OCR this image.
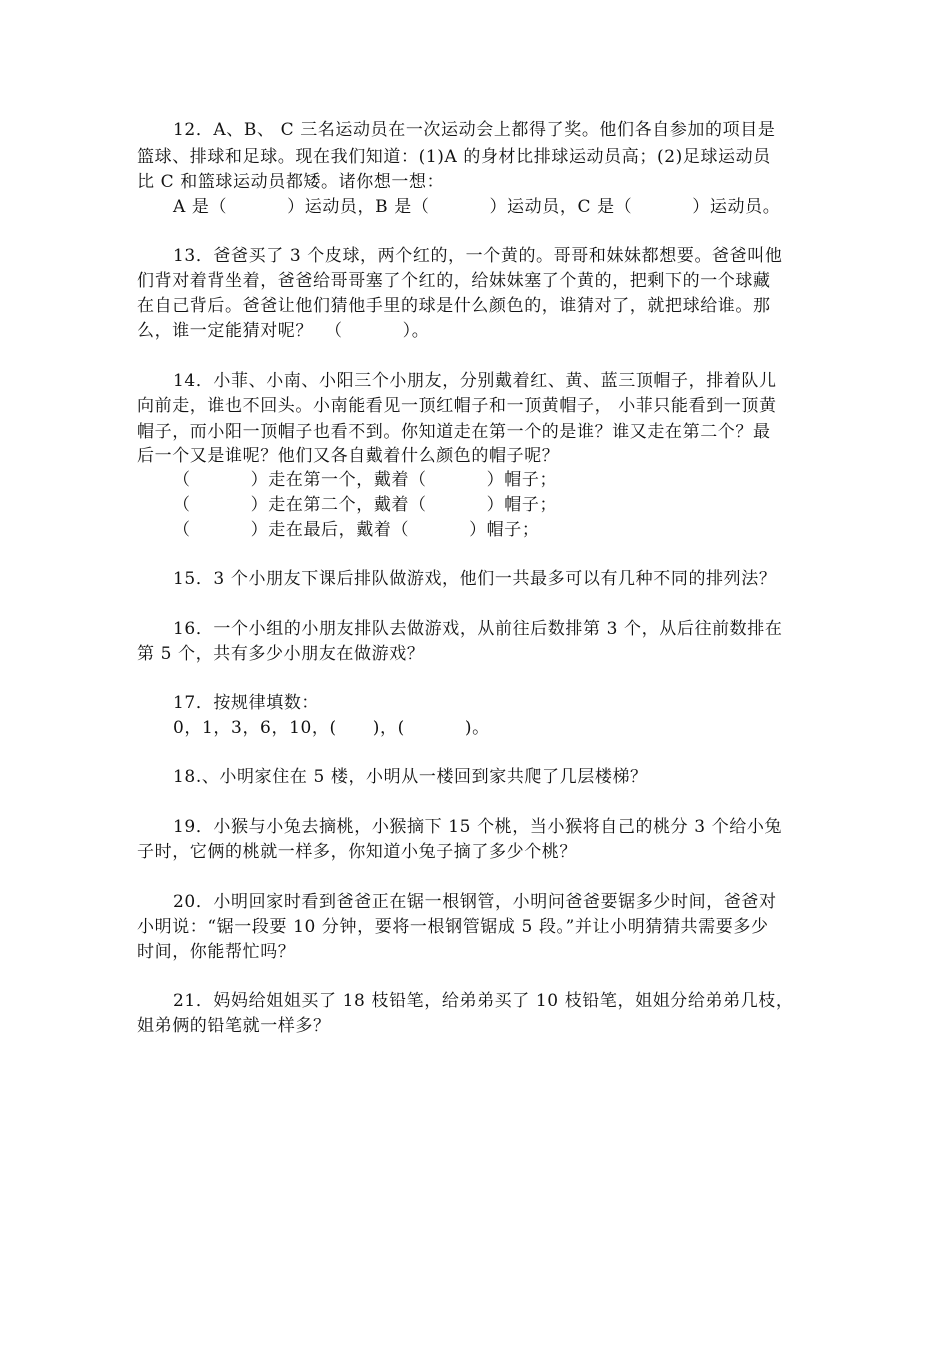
12．A、B、 C 三名运动员在一次运动会上都得了奖。他们各自参加的项目是
篮球、排球和足球。现在我们知道：(1)A 的身材比排球运动员高；(2)足球运动员
比 C 和篮球运动员都矮。诸你想一想：
A 是（          ）运动员，B 是（          ）运动员，C 是（          ）运动员。
13．爸爸买了 3 个皮球，两个红的，一个黄的。哥哥和妹妹都想要。爸爸叫他
们背对着背坐着，爸爸给哥哥塞了个红的，给妹妹塞了个黄的，把剩下的一个球藏
在自己背后。爸爸让他们猜他手里的球是什么颜色的，谁猜对了，就把球给谁。那
么，谁一定能猜对呢？  （          ）。
14．小菲、小南、小阳三个小朋友，分别戴着红、黄、蓝三顶帽子，排着队儿
向前走，谁也不回头。小南能看见一顶红帽子和一顶黄帽子， 小菲只能看到一顶黄
帽子，而小阳一顶帽子也看不到。你知道走在第一个的是谁？谁又走在第二个？最
后一个又是谁呢？他们又各自戴着什么颜色的帽子呢？
（          ）走在第一个，戴着（          ）帽子；
（          ）走在第二个，戴着（          ）帽子；
（          ）走在最后，戴着（          ）帽子；
15．3 个小朋友下课后排队做游戏，他们一共最多可以有几种不同的排列法？
16．一个小组的小朋友排队去做游戏，从前往后数排第 3 个，从后往前数排在
第 5 个，共有多少小朋友在做游戏？
17．按规律填数：
0，1，3，6，10，(      )，(          )。
18.、小明家住在 5 楼，小明从一楼回到家共爬了几层楼梯？
19．小猴与小兔去摘桃，小猴摘下 15 个桃，当小猴将自己的桃分 3 个给小兔
子时，它俩的桃就一样多，你知道小兔子摘了多少个桃？
20．小明回家时看到爸爸正在锯一根钢管，小明问爸爸要锯多少时间，爸爸对
小明说：“锯一段要 10 分钟，要将一根钢管锯成 5 段。”并让小明猜猜共需要多少
时间，你能帮忙吗？
21．妈妈给姐姐买了 18 枝铅笔，给弟弟买了 10 枝铅笔，姐姐分给弟弟几枝，
姐弟俩的铅笔就一样多？
